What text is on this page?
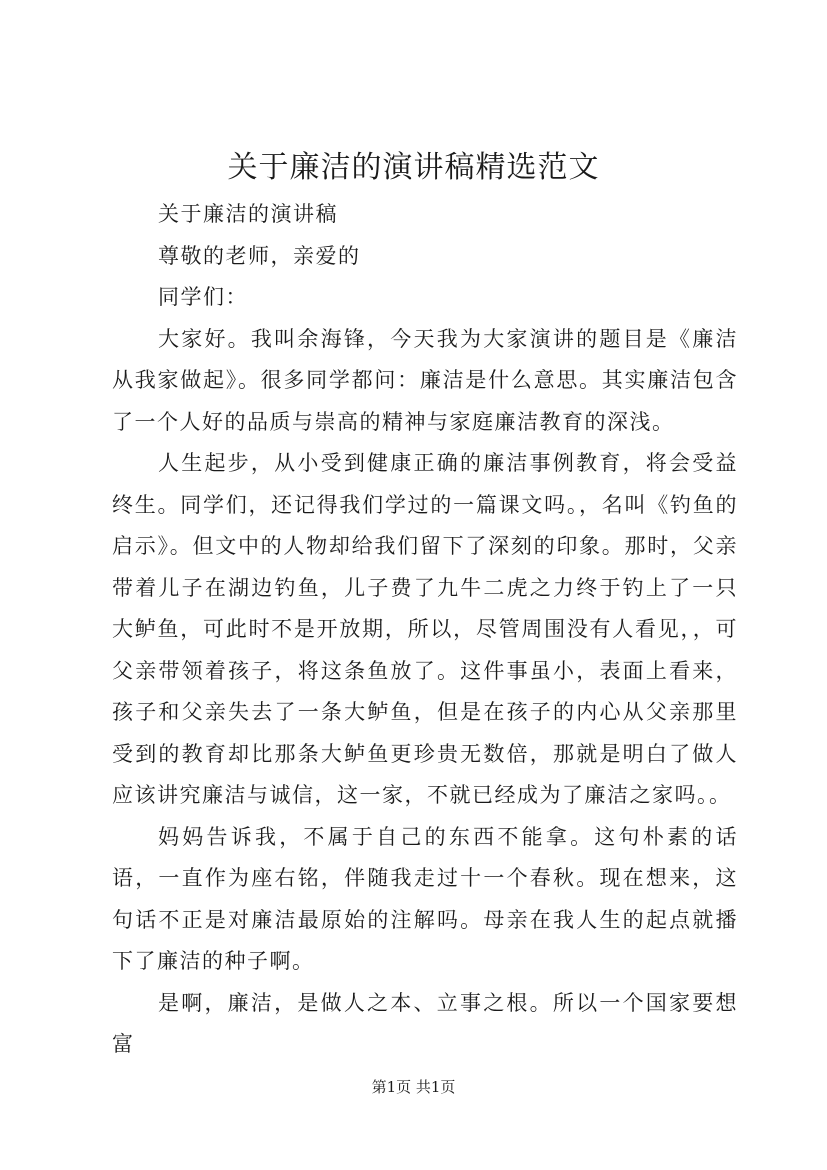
关于廉洁的演讲稿精选范文

关于廉洁的演讲稿

尊敬的老师，亲爱的

同学们：

大家好。我叫余海锋，今天我为大家演讲的题目是《廉洁从我家做起》。很多同学都问：廉洁是什么意思。其实廉洁包含了一个人好的品质与崇高的精神与家庭廉洁教育的深浅。

人生起步，从小受到健康正确的廉洁事例教育，将会受益终生。同学们，还记得我们学过的一篇课文吗。，名叫《钓鱼的启示》。但文中的人物却给我们留下了深刻的印象。那时，父亲带着儿子在湖边钓鱼，儿子费了九牛二虎之力终于钓上了一只大鲈鱼，可此时不是开放期，所以，尽管周围没有人看见，，可父亲带领着孩子，将这条鱼放了。这件事虽小，表面上看来，孩子和父亲失去了一条大鲈鱼，但是在孩子的内心从父亲那里受到的教育却比那条大鲈鱼更珍贵无数倍，那就是明白了做人应该讲究廉洁与诚信，这一家，不就已经成为了廉洁之家吗。。

妈妈告诉我，不属于自己的东西不能拿。这句朴素的话语，一直作为座右铭，伴随我走过十一个春秋。现在想来，这句话不正是对廉洁最原始的注解吗。母亲在我人生的起点就播下了廉洁的种子啊。

是啊，廉洁，是做人之本、立事之根。所以一个国家要想富

第1页 共1页
